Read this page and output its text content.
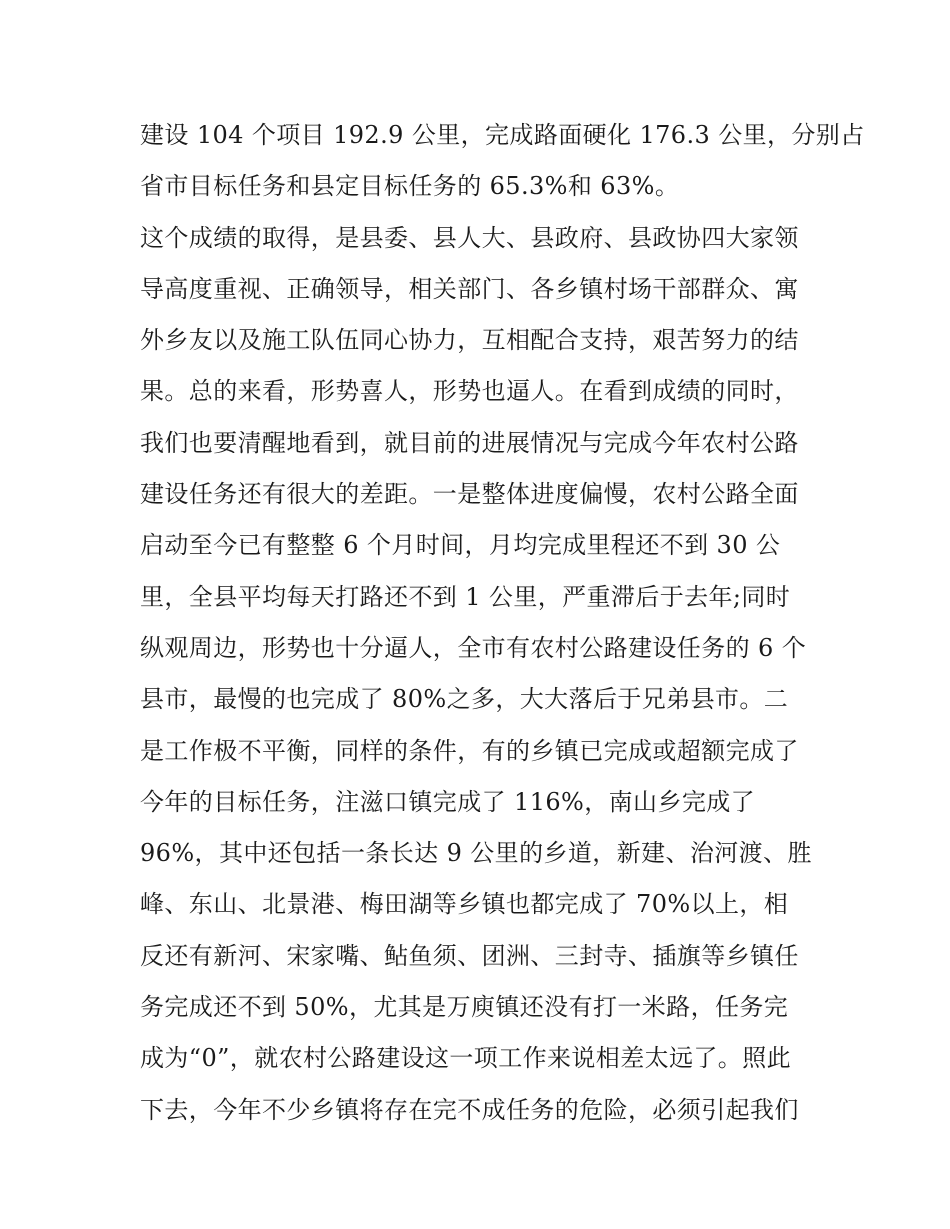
建设 104 个项目 192.9 公里，完成路面硬化 176.3 公里，分别占
省市目标任务和县定目标任务的 65.3%和 63%。
这个成绩的取得，是县委、县人大、县政府、县政协四大家领
导高度重视、正确领导，相关部门、各乡镇村场干部群众、寓
外乡友以及施工队伍同心协力，互相配合支持，艰苦努力的结
果。总的来看，形势喜人，形势也逼人。在看到成绩的同时，
我们也要清醒地看到，就目前的进展情况与完成今年农村公路
建设任务还有很大的差距。一是整体进度偏慢，农村公路全面
启动至今已有整整 6 个月时间，月均完成里程还不到 30 公
里，全县平均每天打路还不到 1 公里，严重滞后于去年;同时
纵观周边，形势也十分逼人，全市有农村公路建设任务的 6 个
县市，最慢的也完成了 80%之多，大大落后于兄弟县市。二
是工作极不平衡，同样的条件，有的乡镇已完成或超额完成了
今年的目标任务，注滋口镇完成了 116%，南山乡完成了
96%，其中还包括一条长达 9 公里的乡道，新建、治河渡、胜
峰、东山、北景港、梅田湖等乡镇也都完成了 70%以上，相
反还有新河、宋家嘴、鲇鱼须、团洲、三封寺、插旗等乡镇任
务完成还不到 50%，尤其是万庾镇还没有打一米路，任务完
成为“0”，就农村公路建设这一项工作来说相差太远了。照此
下去，今年不少乡镇将存在完不成任务的危险，必须引起我们
